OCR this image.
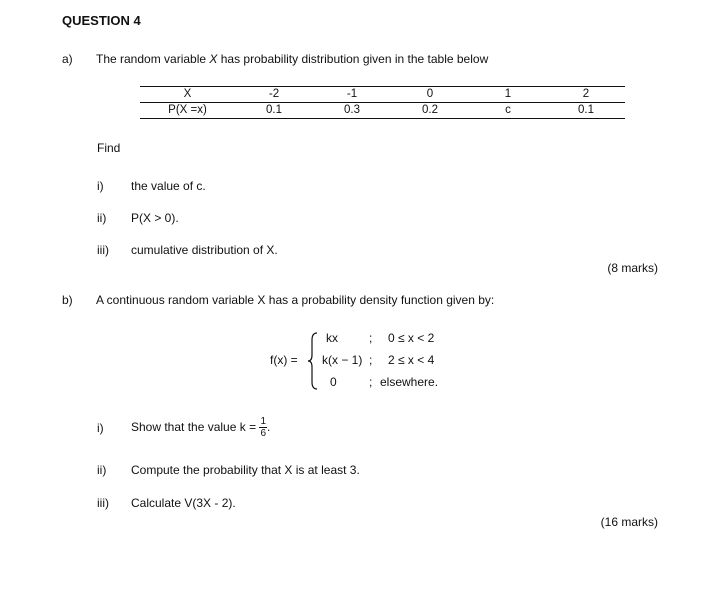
QUESTION 4
a) The random variable X has probability distribution given in the table below
X	-2	-1	0	1	2
P(X =x)	0.1	0.3	0.2	c	0.1
Find
i) the value of c.
ii) P(X > 0).
iii) cumulative distribution of X.
(8 marks)
b) A continuous random variable X has a probability density function given by:
f(x) =
kx	; 0 ≤ x < 2
k(x − 1) ; 2 ≤ x < 4
0	; elsewhere.
i) Show that the value $k = \frac{1}{6}$ .
ii) Compute the probability that X is at least 3.
iii) Calculate V(3X - 2).
(16 marks)
